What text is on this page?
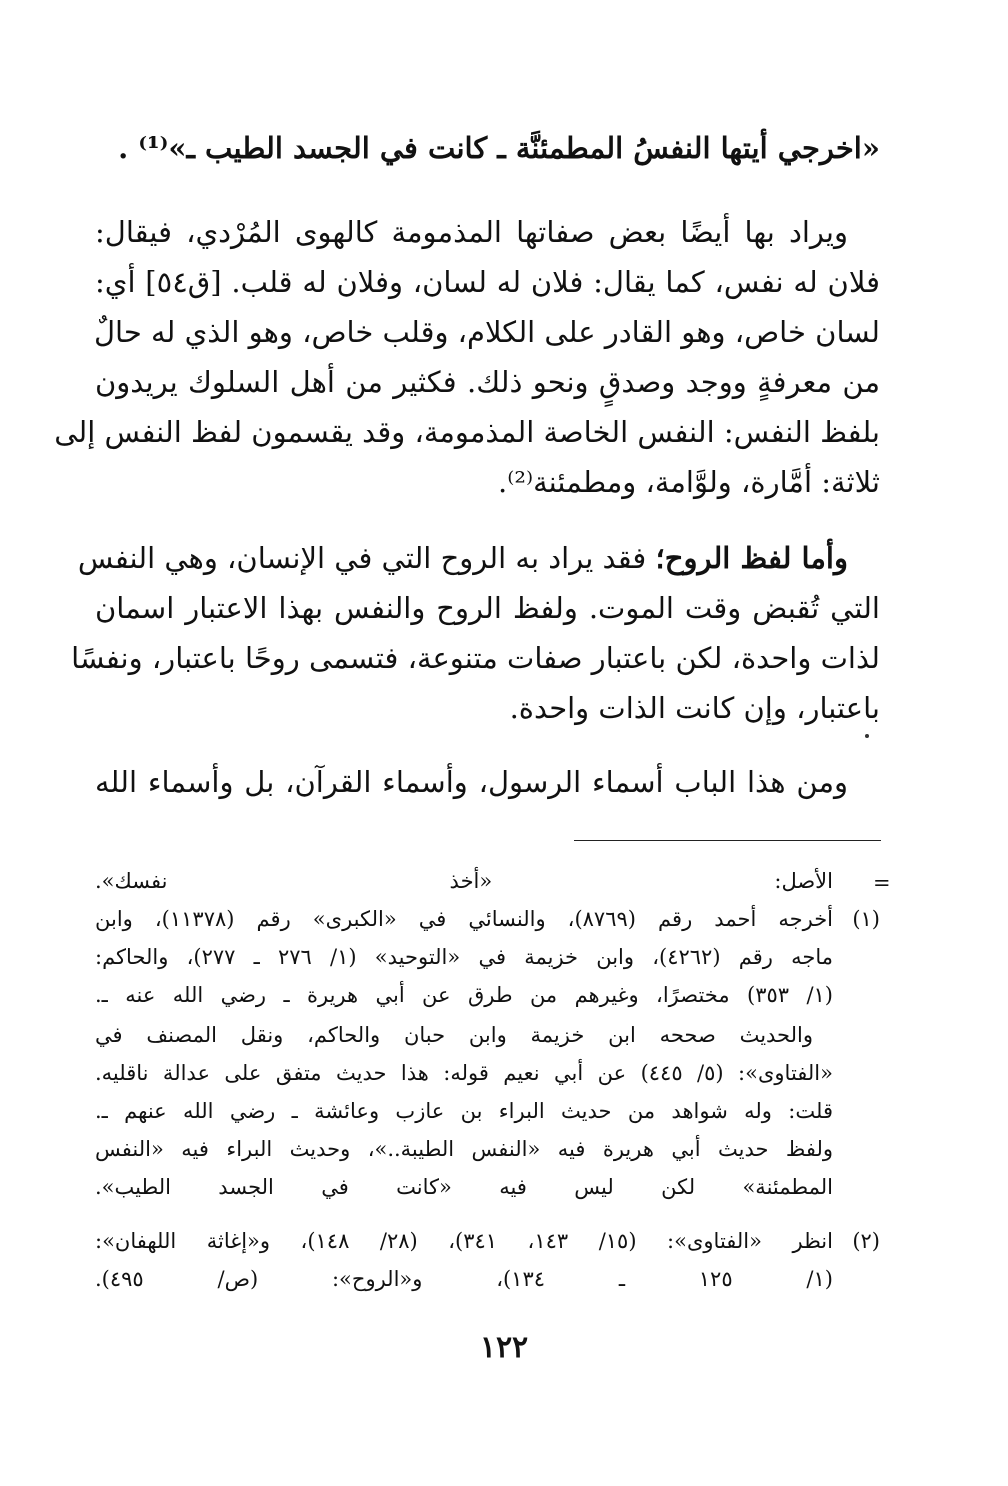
«اخرجي أيتها النفسُ المطمئنَّة ـ كانت في الجسد الطيب ـ»⁽¹⁾ .
ويراد بها أيضًا بعض صفاتها المذمومة كالهوى المُرْدي، فيقال:
فلان له نفس، كما يقال: فلان له لسان، وفلان له قلب. [ق٥٤] أي:
لسان خاص، وهو القادر على الكلام، وقلب خاص، وهو الذي له حالٌ
من معرفةٍ ووجد وصدقٍ ونحو ذلك. فكثير من أهل السلوك يريدون
بلفظ النفس: النفس الخاصة المذمومة، وقد يقسمون لفظ النفس إلى
ثلاثة: أمَّارة، ولوَّامة، ومطمئنة⁽²⁾.
وأما لفظ الروح؛ فقد يراد به الروح التي في الإنسان، وهي النفس
التي تُقبض وقت الموت. ولفظ الروح والنفس بهذا الاعتبار اسمان
لذات واحدة، لكن باعتبار صفات متنوعة، فتسمى روحًا باعتبار، ونفسًا
باعتبار، وإن كانت الذات واحدة.
ومن هذا الباب أسماء الرسول، وأسماء القرآن، بل وأسماء الله
=
الأصل: «أخذ نفسك».
(١)
أخرجه أحمد رقم (٨٧٦٩)، والنسائي في «الكبرى» رقم (١١٣٧٨)، وابن
ماجه رقم (٤٢٦٢)، وابن خزيمة في «التوحيد» (١/ ٢٧٦ ـ ٢٧٧)، والحاكم:
(١/ ٣٥٣) مختصرًا، وغيرهم من طرق عن أبي هريرة ـ رضي الله عنه ـ.
والحديث صححه ابن خزيمة وابن حبان والحاكم، ونقل المصنف في
«الفتاوى»: (٥/ ٤٤٥) عن أبي نعيم قوله: هذا حديث متفق على عدالة ناقليه.
قلت: وله شواهد من حديث البراء بن عازب وعائشة ـ رضي الله عنهم ـ.
ولفظ حديث أبي هريرة فيه «النفس الطيبة..»، وحديث البراء فيه «النفس
المطمئنة» لكن ليس فيه «كانت في الجسد الطيب».
(٢)
انظر «الفتاوى»: (١٥/ ١٤٣، ٣٤١)، (٢٨/ ١٤٨)، و«إغاثة اللهفان»:
(١/ ١٢٥ ـ ١٣٤)، و«الروح»: (ص/ ٤٩٥).
١٢٢
